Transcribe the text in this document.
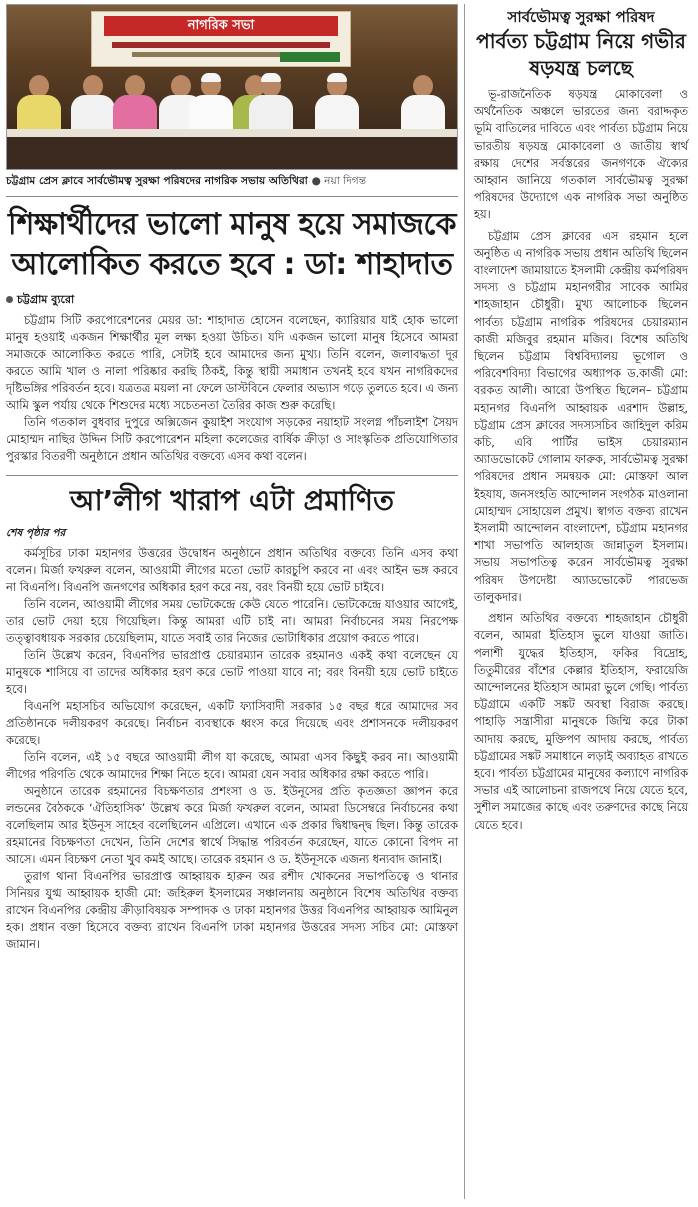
নাগরিক সভা
চট্টগ্রাম প্রেস ক্লাবে সার্বভৌমত্ব সুরক্ষা পরিষদের নাগরিক সভায় অতিথিরা ● নয়া দিগন্ত
শিক্ষার্থীদের ভালো মানুষ হয়ে সমাজকে আলোকিত করতে হবে : ডা: শাহাদাত
চট্টগ্রাম ব্যুরো

চট্টগ্রাম সিটি করপোরেশনের মেয়র ডা: শাহাদাত হোসেন বলেছেন, ক্যারিয়ার যাই হোক ভালো মানুষ হওয়াই একজন শিক্ষার্থীর মূল লক্ষ্য হওয়া উচিত। যদি একজন ভালো মানুষ হিসেবে আমরা সমাজকে আলোকিত করতে পারি, সেটাই হবে আমাদের জন্য মুখ্য। তিনি বলেন, জলাবদ্ধতা দূর করতে আমি খাল ও নালা পরিষ্কার করছি ঠিকই, কিন্তু স্থায়ী সমাধান তখনই হবে যখন নাগরিকদের দৃষ্টিভঙ্গির পরিবর্তন হবে। যত্রতত্র ময়লা না ফেলে ডাস্টবিনে ফেলার অভ্যাস গড়ে তুলতে হবে। এ জন্য আমি স্কুল পর্যায় থেকে শিশুদের মধ্যে সচেতনতা তৈরির কাজ শুরু করেছি।

তিনি গতকাল বুধবার দুপুরে অক্সিজেন কুয়াইশ সংযোগ সড়কের নয়াহাট সংলগ্ন পাঁচলাইশ সৈয়দ মোহাম্মদ নাছির উদ্দিন সিটি করপোরেশন মহিলা কলেজের বার্ষিক ক্রীড়া ও সাংস্কৃতিক প্রতিযোগিতার পুরস্কার বিতরণী অনুষ্ঠানে প্রধান অতিথির বক্তব্যে এসব কথা বলেন।

আ’লীগ খারাপ এটা প্রমাণিত
শেষ পৃষ্ঠার পর

কর্মসূচির ঢাকা মহানগর উত্তরের উদ্বোধন অনুষ্ঠানে প্রধান অতিথির বক্তব্যে তিনি এসব কথা বলেন। মির্জা ফখরুল বলেন, আওয়ামী লীগের মতো ভোট কারচুপি করবে না এবং আইন ভঙ্গ করবে না বিএনপি। বিএনপি জনগণের অধিকার হরণ করে নয়, বরং বিনয়ী হয়ে ভোট চাইবে।

তিনি বলেন, আওয়ামী লীগের সময় ভোটকেন্দ্রে কেউ যেতে পারেনি। ভোটকেন্দ্রে যাওয়ার আগেই, তার ভোট দেয়া হয়ে গিয়েছিল। কিন্তু আমরা এটি চাই না। আমরা নির্বাচনের সময় নিরপেক্ষ তত্ত্বাবধায়ক সরকার চেয়েছিলাম, যাতে সবাই তার নিজের ভোটাধিকার প্রয়োগ করতে পারে।

তিনি উল্লেখ করেন, বিএনপির ভারপ্রাপ্ত চেয়ারম্যান তারেক রহমানও একই কথা বলেছেন যে মানুষকে শাসিয়ে বা তাদের অধিকার হরণ করে ভোট পাওয়া যাবে না; বরং বিনয়ী হয়ে ভোট চাইতে হবে।

বিএনপি মহাসচিব অভিযোগ করেছেন, একটি ফ্যাসিবাদী সরকার ১৫ বছর ধরে আমাদের সব প্রতিষ্ঠানকে দলীয়করণ করেছে। নির্বাচন ব্যবস্থাকে ধ্বংস করে দিয়েছে এবং প্রশাসনকে দলীয়করণ করেছে।

তিনি বলেন, এই ১৫ বছরে আওয়ামী লীগ যা করেছে, আমরা এসব কিছুই করব না। আওয়ামী লীগের পরিণতি থেকে আমাদের শিক্ষা নিতে হবে। আমরা যেন সবার অধিকার রক্ষা করতে পারি।

অনুষ্ঠানে তারেক রহমানের বিচক্ষণতার প্রশংসা ও ড. ইউনূসের প্রতি কৃতজ্ঞতা জ্ঞাপন করে লন্ডনের বৈঠককে ‘ঐতিহাসিক’ উল্লেখ করে মির্জা ফখরুল বলেন, আমরা ডিসেম্বরে নির্বাচনের কথা বলেছিলাম আর ইউনূস সাহেব বলেছিলেন এপ্রিলে। এখানে এক প্রকার দ্বিধাদ্বন্দ্ব ছিল। কিন্তু তারেক রহমানের বিচক্ষণতা দেখেন, তিনি দেশের স্বার্থে সিদ্ধান্ত পরিবর্তন করেছেন, যাতে কোনো বিপদ না আসে। এমন বিচক্ষণ নেতা খুব কমই আছে। তারেক রহমান ও ড. ইউনূসকে এজন্য ধন্যবাদ জানাই।

তুরাগ থানা বিএনপির ভারপ্রাপ্ত আহ্বায়ক হারুন অর রশীদ খোকনের সভাপতিত্বে ও থানার সিনিয়র যুগ্ম আহ্বায়ক হাজী মো: জহিরুল ইসলামের সঞ্চালনায় অনুষ্ঠানে বিশেষ অতিথির বক্তব্য রাখেন বিএনপির কেন্দ্রীয় ক্রীড়াবিষয়ক সম্পাদক ও ঢাকা মহানগর উত্তর বিএনপির আহ্বায়ক আমিনুল হক। প্রধান বক্তা হিসেবে বক্তব্য রাখেন বিএনপি ঢাকা মহানগর উত্তরের সদস্য সচিব মো: মোস্তফা জামান।

সার্বভৌমত্ব সুরক্ষা পরিষদ
পার্বত্য চট্টগ্রাম নিয়ে গভীর ষড়যন্ত্র চলছে

ভূ-রাজনৈতিক ষড়যন্ত্র মোকাবেলা ও অর্থনৈতিক অঞ্চলে ভারতের জন্য বরাদ্দকৃত ভূমি বাতিলের দাবিতে এবং পার্বত্য চট্টগ্রাম নিয়ে ভারতীয় ষড়যন্ত্র মোকাবেলা ও জাতীয় স্বার্থ রক্ষায় দেশের সর্বস্তরের জনগণকে ঐক্যের আহ্বান জানিয়ে গতকাল সার্বভৌমত্ব সুরক্ষা পরিষদের উদ্যোগে এক নাগরিক সভা অনুষ্ঠিত হয়।

চট্টগ্রাম প্রেস ক্লাবের এস রহমান হলে অনুষ্ঠিত এ নাগরিক সভায় প্রধান অতিথি ছিলেন বাংলাদেশ জামায়াতে ইসলামী কেন্দ্রীয় কর্মপরিষদ সদস্য ও চট্টগ্রাম মহানগরীর সাবেক আমির শাহজাহান চৌধুরী। মুখ্য আলোচক ছিলেন পার্বত্য চট্টগ্রাম নাগরিক পরিষদের চেয়ারম্যান কাজী মজিবুর রহমান মজিব। বিশেষ অতিথি ছিলেন চট্টগ্রাম বিশ্ববিদ্যালয় ভূগোল ও পরিবেশবিদ্যা বিভাগের অধ্যাপক ড.কাজী মো: বরকত আলী। আরো উপস্থিত ছিলেন– চট্টগ্রাম মহানগর বিএনপি আহ্বায়ক এরশাদ উল্লাহ, চট্টগ্রাম প্রেস ক্লাবের সদস্যসচিব জাহিদুল করিম কচি, এবি পার্টির ভাইস চেয়ারম্যান অ্যাডভোকেট গোলাম ফারুক, সার্বভৌমত্ব সুরক্ষা পরিষদের প্রধান সমন্বয়ক মো: মোস্তফা আল ইহযায, জনসংহতি আন্দোলন সংগঠক মাওলানা মোহাম্মদ সোহায়েল প্রমুখ। স্বাগত বক্তব্য রাখেন ইসলামী আন্দোলন বাংলাদেশ, চট্টগ্রাম মহানগর শাখা সভাপতি আলহাজ জান্নাতুল ইসলাম। সভায় সভাপতিত্ব করেন সার্বভৌমত্ব সুরক্ষা পরিষদ উপদেষ্টা অ্যাডভোকেট পারভেজ তালুকদার।

প্রধান অতিথির বক্তব্যে শাহজাহান চৌধুরী বলেন, আমরা ইতিহাস ভুলে যাওয়া জাতি। পলাশী যুদ্ধের ইতিহাস, ফকির বিদ্রোহ, তিতুমীরের বাঁশের কেল্লার ইতিহাস, ফরায়েজি আন্দোলনের ইতিহাস আমরা ভুলে গেছি। পার্বত্য চট্টগ্রামে একটি সঙ্কট অবস্থা বিরাজ করছে। পাহাড়ি সন্ত্রাসীরা মানুষকে জিম্মি করে টাকা আদায় করছে, মুক্তিপণ আদায় করছে, পার্বত্য চট্টগ্রামের সঙ্কট সমাধানে লড়াই অব্যাহত রাখতে হবে। পার্বত্য চট্টগ্রামের মানুষের কল্যাণে নাগরিক সভার এই আলোচনা রাজপথে নিয়ে যেতে হবে, সুশীল সমাজের কাছে এবং তরুণদের কাছে নিয়ে যেতে হবে।
